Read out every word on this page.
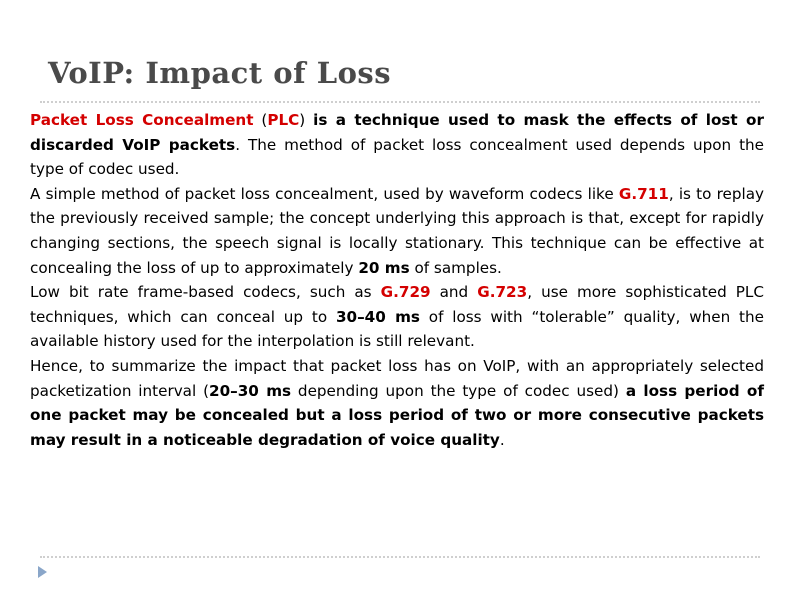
VoIP: Impact of Loss

Packet Loss Concealment (PLC) is a technique used to mask the effects of lost or discarded VoIP packets. The method of packet loss concealment used depends upon the type of codec used.

A simple method of packet loss concealment, used by waveform codecs like G.711, is to replay the previously received sample; the concept underlying this approach is that, except for rapidly changing sections, the speech signal is locally stationary. This technique can be effective at concealing the loss of up to approximately 20 ms of samples.

Low bit rate frame-based codecs, such as G.729 and G.723, use more sophisticated PLC techniques, which can conceal up to 30–40 ms of loss with “tolerable” quality, when the available history used for the interpolation is still relevant.

Hence, to summarize the impact that packet loss has on VoIP, with an appropriately selected packetization interval (20–30 ms depending upon the type of codec used) a loss period of one packet may be concealed but a loss period of two or more consecutive packets may result in a noticeable degradation of voice quality.
